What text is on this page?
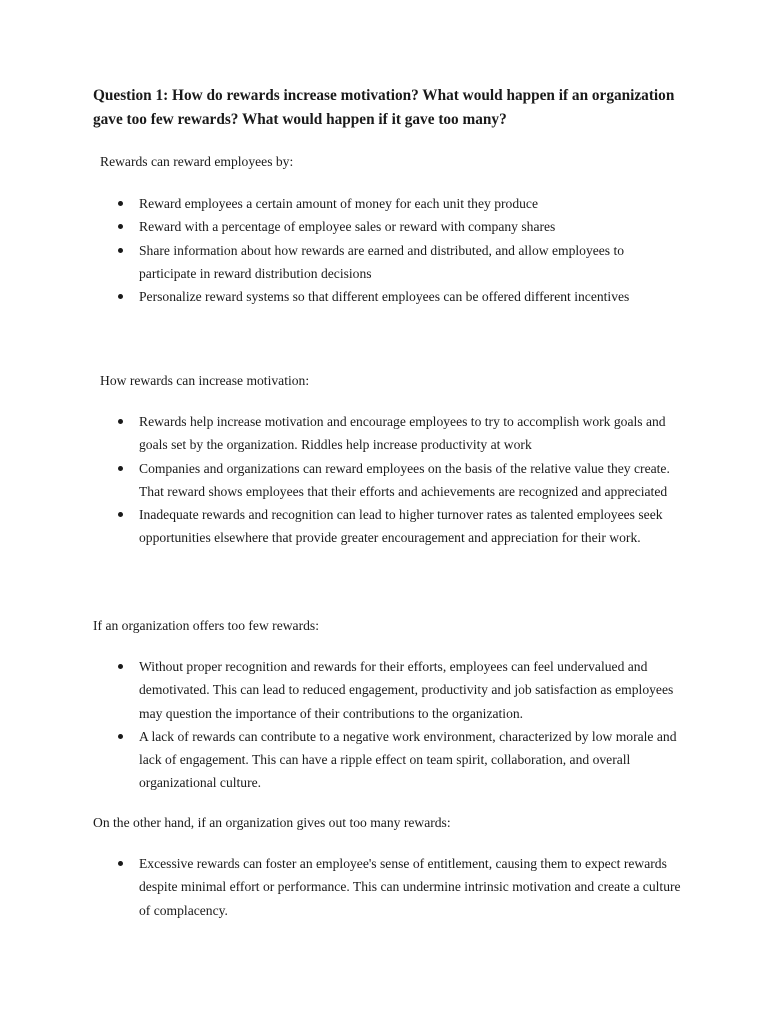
Question 1: How do rewards increase motivation? What would happen if an organization gave too few rewards? What would happen if it gave too many?

Rewards can reward employees by:

Reward employees a certain amount of money for each unit they produce
Reward with a percentage of employee sales or reward with company shares
Share information about how rewards are earned and distributed, and allow employees to participate in reward distribution decisions
Personalize reward systems so that different employees can be offered different incentives

How rewards can increase motivation:

Rewards help increase motivation and encourage employees to try to accomplish work goals and goals set by the organization. Riddles help increase productivity at work
Companies and organizations can reward employees on the basis of the relative value they create. That reward shows employees that their efforts and achievements are recognized and appreciated
Inadequate rewards and recognition can lead to higher turnover rates as talented employees seek opportunities elsewhere that provide greater encouragement and appreciation for their work.

If an organization offers too few rewards:

Without proper recognition and rewards for their efforts, employees can feel undervalued and demotivated. This can lead to reduced engagement, productivity and job satisfaction as employees may question the importance of their contributions to the organization.
A lack of rewards can contribute to a negative work environment, characterized by low morale and lack of engagement. This can have a ripple effect on team spirit, collaboration, and overall organizational culture.

On the other hand, if an organization gives out too many rewards:

Excessive rewards can foster an employee's sense of entitlement, causing them to expect rewards despite minimal effort or performance. This can undermine intrinsic motivation and create a culture of complacency.
